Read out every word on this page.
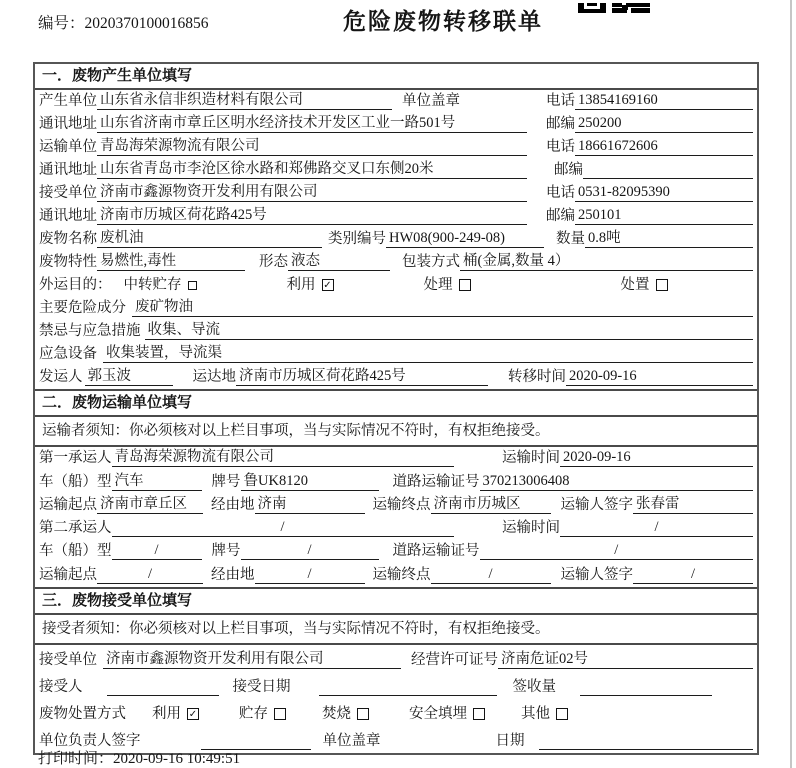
编号：2020370100016856	危险废物转移联单
一．废物产生单位填写
产生单位 山东省永信非织造材料有限公司	单位盖章	电话 13854169160
通讯地址 山东省济南市章丘区明水经济技术开发区工业一路501号	邮编 250200
运输单位 青岛海荣源物流有限公司	电话 18661672606
通讯地址 山东省青岛市李沧区徐水路和郑佛路交叉口东侧20米	邮编
接受单位 济南市鑫源物资开发利用有限公司	电话 0531-82095390
通讯地址 济南市历城区荷花路425号	邮编 250101
废物名称 废机油	类别编号 HW08(900-249-08)	数量 0.8吨
废物特性 易燃性,毒性	形态 液态	包装方式 桶(金属,数量 4）
外运目的： 中转贮存	利用 ✓	处理	处置
主要危险成分 废矿物油
禁忌与应急措施 收集、导流
应急设备 收集装置，导流渠
发运人 郭玉波	运达地 济南市历城区荷花路425号	转移时间 2020-09-16
二．废物运输单位填写
运输者须知：你必须核对以上栏目事项，当与实际情况不符时，有权拒绝接受。
第一承运人 青岛海荣源物流有限公司	运输时间 2020-09-16
车（船）型 汽车	牌号 鲁UK8120	道路运输证号 370213006408
运输起点 济南市章丘区	经由地 济南	运输终点 济南市历城区	运输人签字 张春雷
第二承运人	/	运输时间	/
车（船）型	/	牌号	/	道路运输证号	/
运输起点	/	经由地	/	运输终点	/	运输人签字	/
三．废物接受单位填写
接受者须知：你必须核对以上栏目事项，当与实际情况不符时，有权拒绝接受。
接受单位 济南市鑫源物资开发利用有限公司	经营许可证号 济南危证02号
接受人	接受日期	签收量
废物处置方式 利用 ✓	贮存	焚烧	安全填埋	其他
单位负责人签字	单位盖章	日期
打印时间：2020-09-16 10:49:51
